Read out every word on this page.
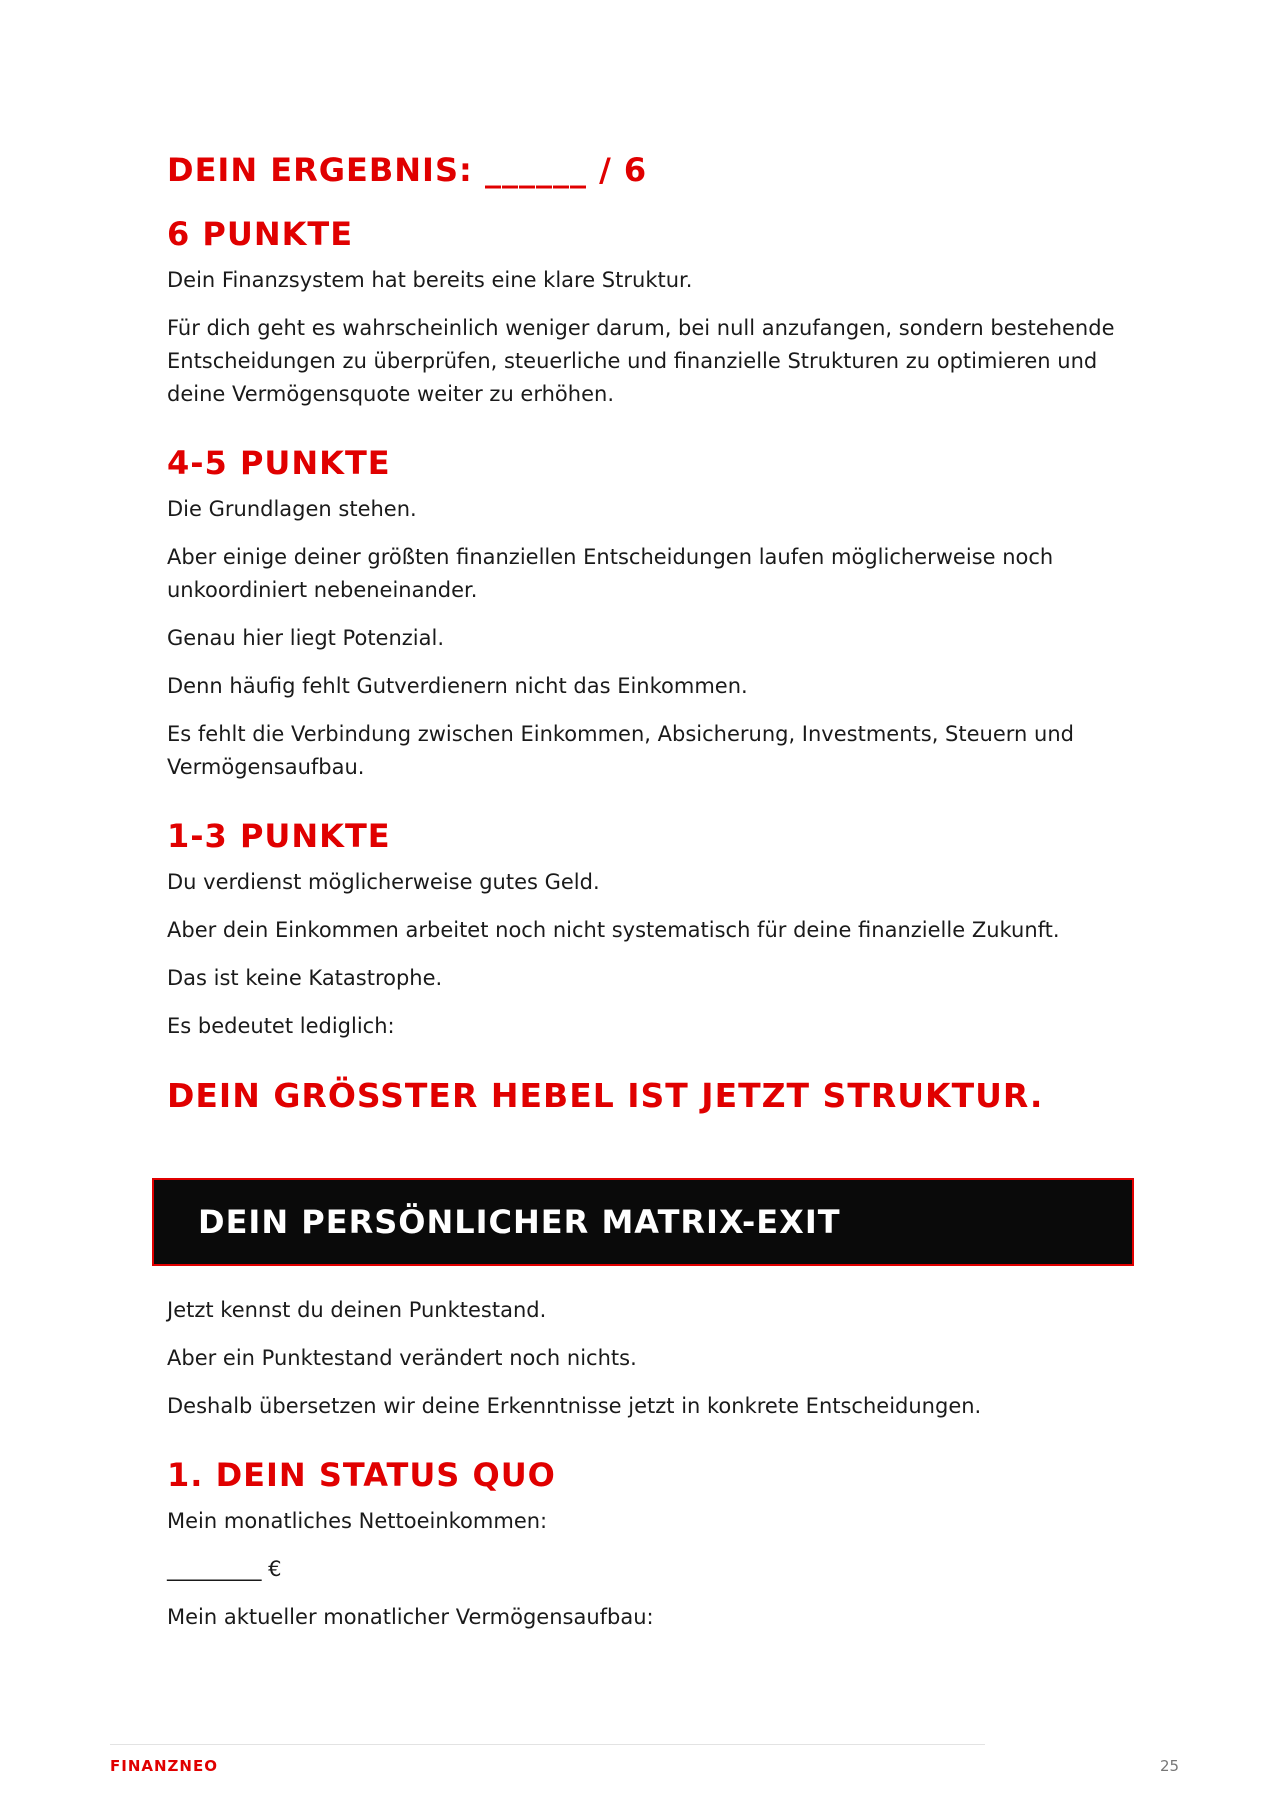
DEIN ERGEBNIS: ______ / 6
6 PUNKTE

Dein Finanzsystem hat bereits eine klare Struktur.

Für dich geht es wahrscheinlich weniger darum, bei null anzufangen, sondern bestehende Entscheidungen zu überprüfen, steuerliche und finanzielle Strukturen zu optimieren und deine Vermögensquote weiter zu erhöhen.

4-5 PUNKTE

Die Grundlagen stehen.

Aber einige deiner größten finanziellen Entscheidungen laufen möglicherweise noch unkoordiniert nebeneinander.

Genau hier liegt Potenzial.

Denn häufig fehlt Gutverdienern nicht das Einkommen.

Es fehlt die Verbindung zwischen Einkommen, Absicherung, Investments, Steuern und Vermögensaufbau.

1-3 PUNKTE

Du verdienst möglicherweise gutes Geld.

Aber dein Einkommen arbeitet noch nicht systematisch für deine finanzielle Zukunft.

Das ist keine Katastrophe.

Es bedeutet lediglich:

DEIN GRÖSSTER HEBEL IST JETZT STRUKTUR.
DEIN PERSÖNLICHER MATRIX-EXIT

Jetzt kennst du deinen Punktestand.

Aber ein Punktestand verändert noch nichts.

Deshalb übersetzen wir deine Erkenntnisse jetzt in konkrete Entscheidungen.

1. DEIN STATUS QUO

Mein monatliches Nettoeinkommen:

_________ €

Mein aktueller monatlicher Vermögensaufbau:

FINANZNEO	25
